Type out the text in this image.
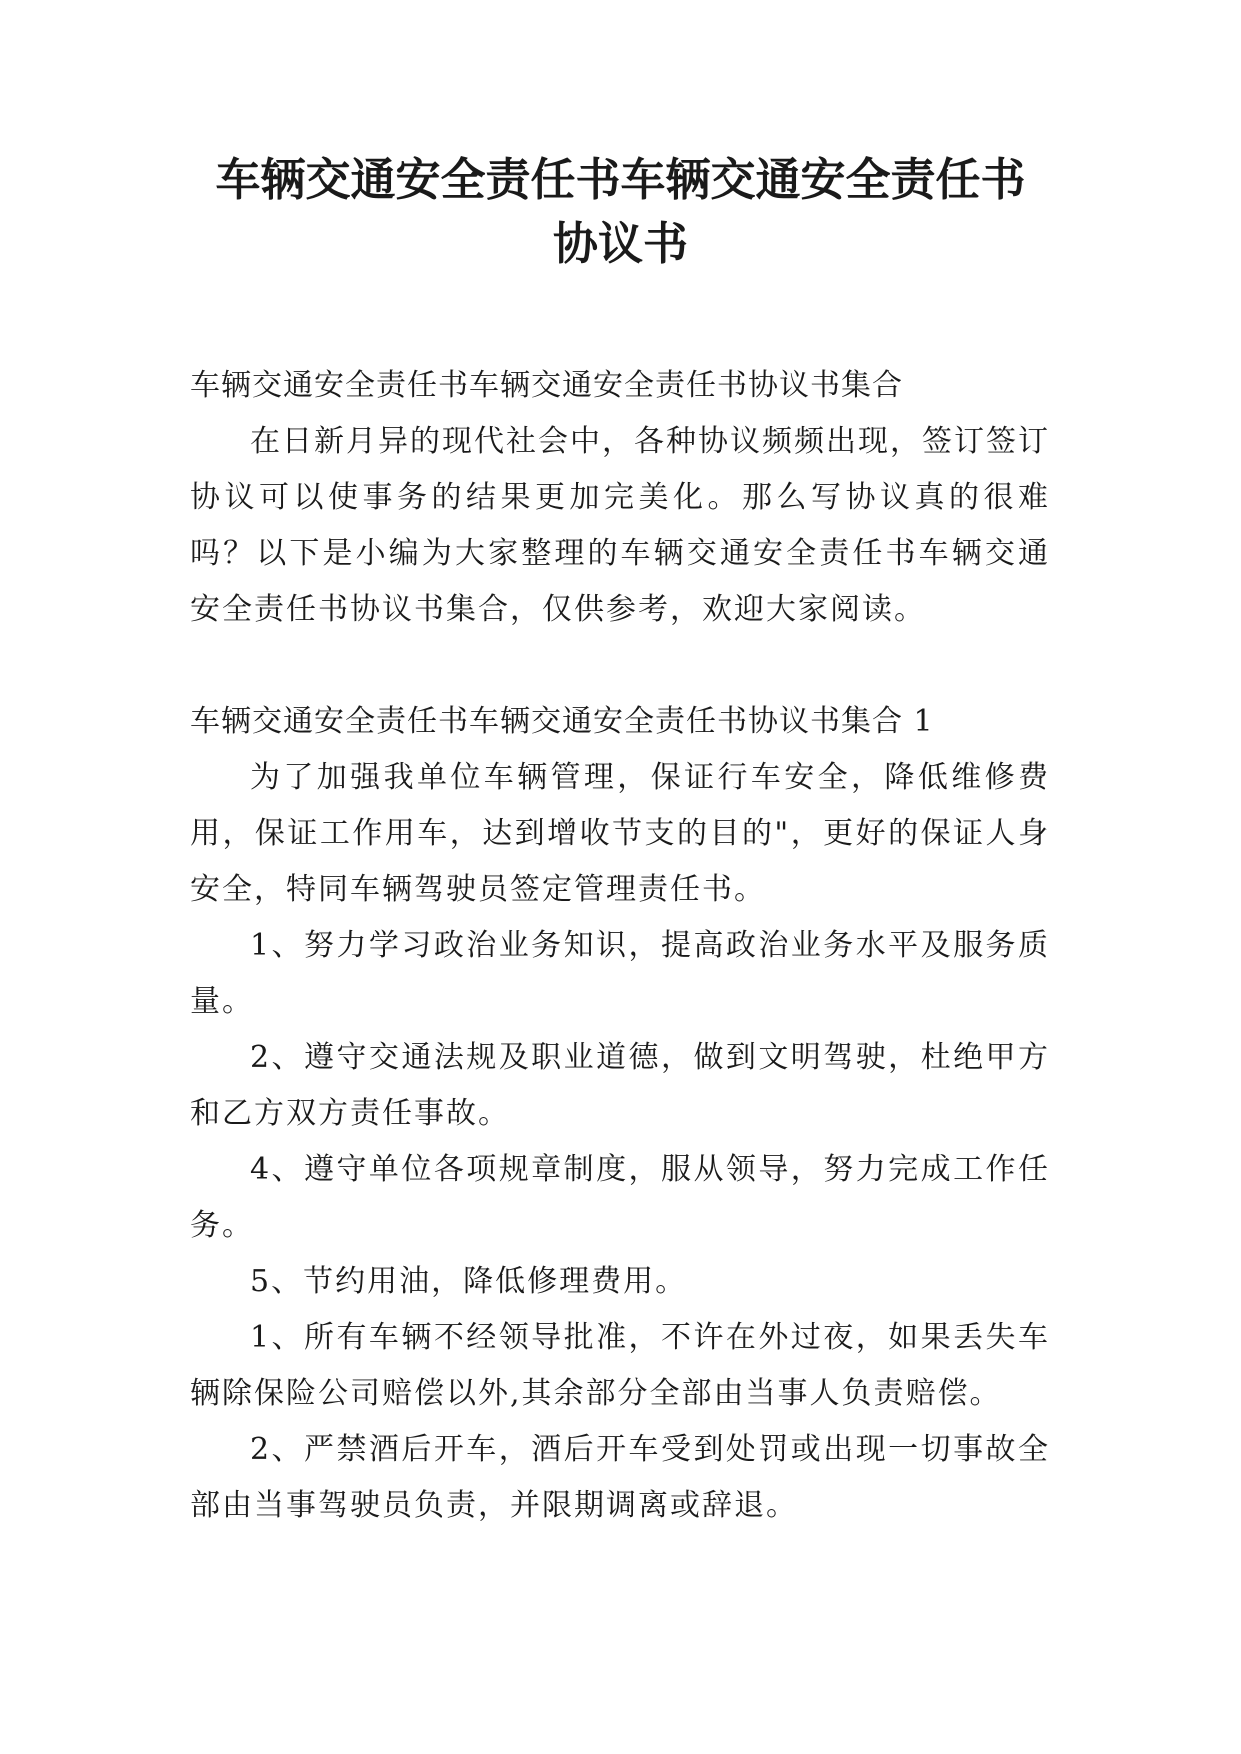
车辆交通安全责任书车辆交通安全责任书
协议书

车辆交通安全责任书车辆交通安全责任书协议书集合

在日新月异的现代社会中，各种协议频频出现，签订签订协议可以使事务的结果更加完美化。那么写协议真的很难吗？以下是小编为大家整理的车辆交通安全责任书车辆交通安全责任书协议书集合，仅供参考，欢迎大家阅读。

车辆交通安全责任书车辆交通安全责任书协议书集合 1

为了加强我单位车辆管理，保证行车安全，降低维修费用，保证工作用车，达到增收节支的目的"，更好的保证人身安全，特同车辆驾驶员签定管理责任书。

1、努力学习政治业务知识，提高政治业务水平及服务质量。

2、遵守交通法规及职业道德，做到文明驾驶，杜绝甲方和乙方双方责任事故。

4、遵守单位各项规章制度，服从领导，努力完成工作任务。

5、节约用油，降低修理费用。

1、所有车辆不经领导批准，不许在外过夜，如果丢失车辆除保险公司赔偿以外,其余部分全部由当事人负责赔偿。

2、严禁酒后开车，酒后开车受到处罚或出现一切事故全部由当事驾驶员负责，并限期调离或辞退。
